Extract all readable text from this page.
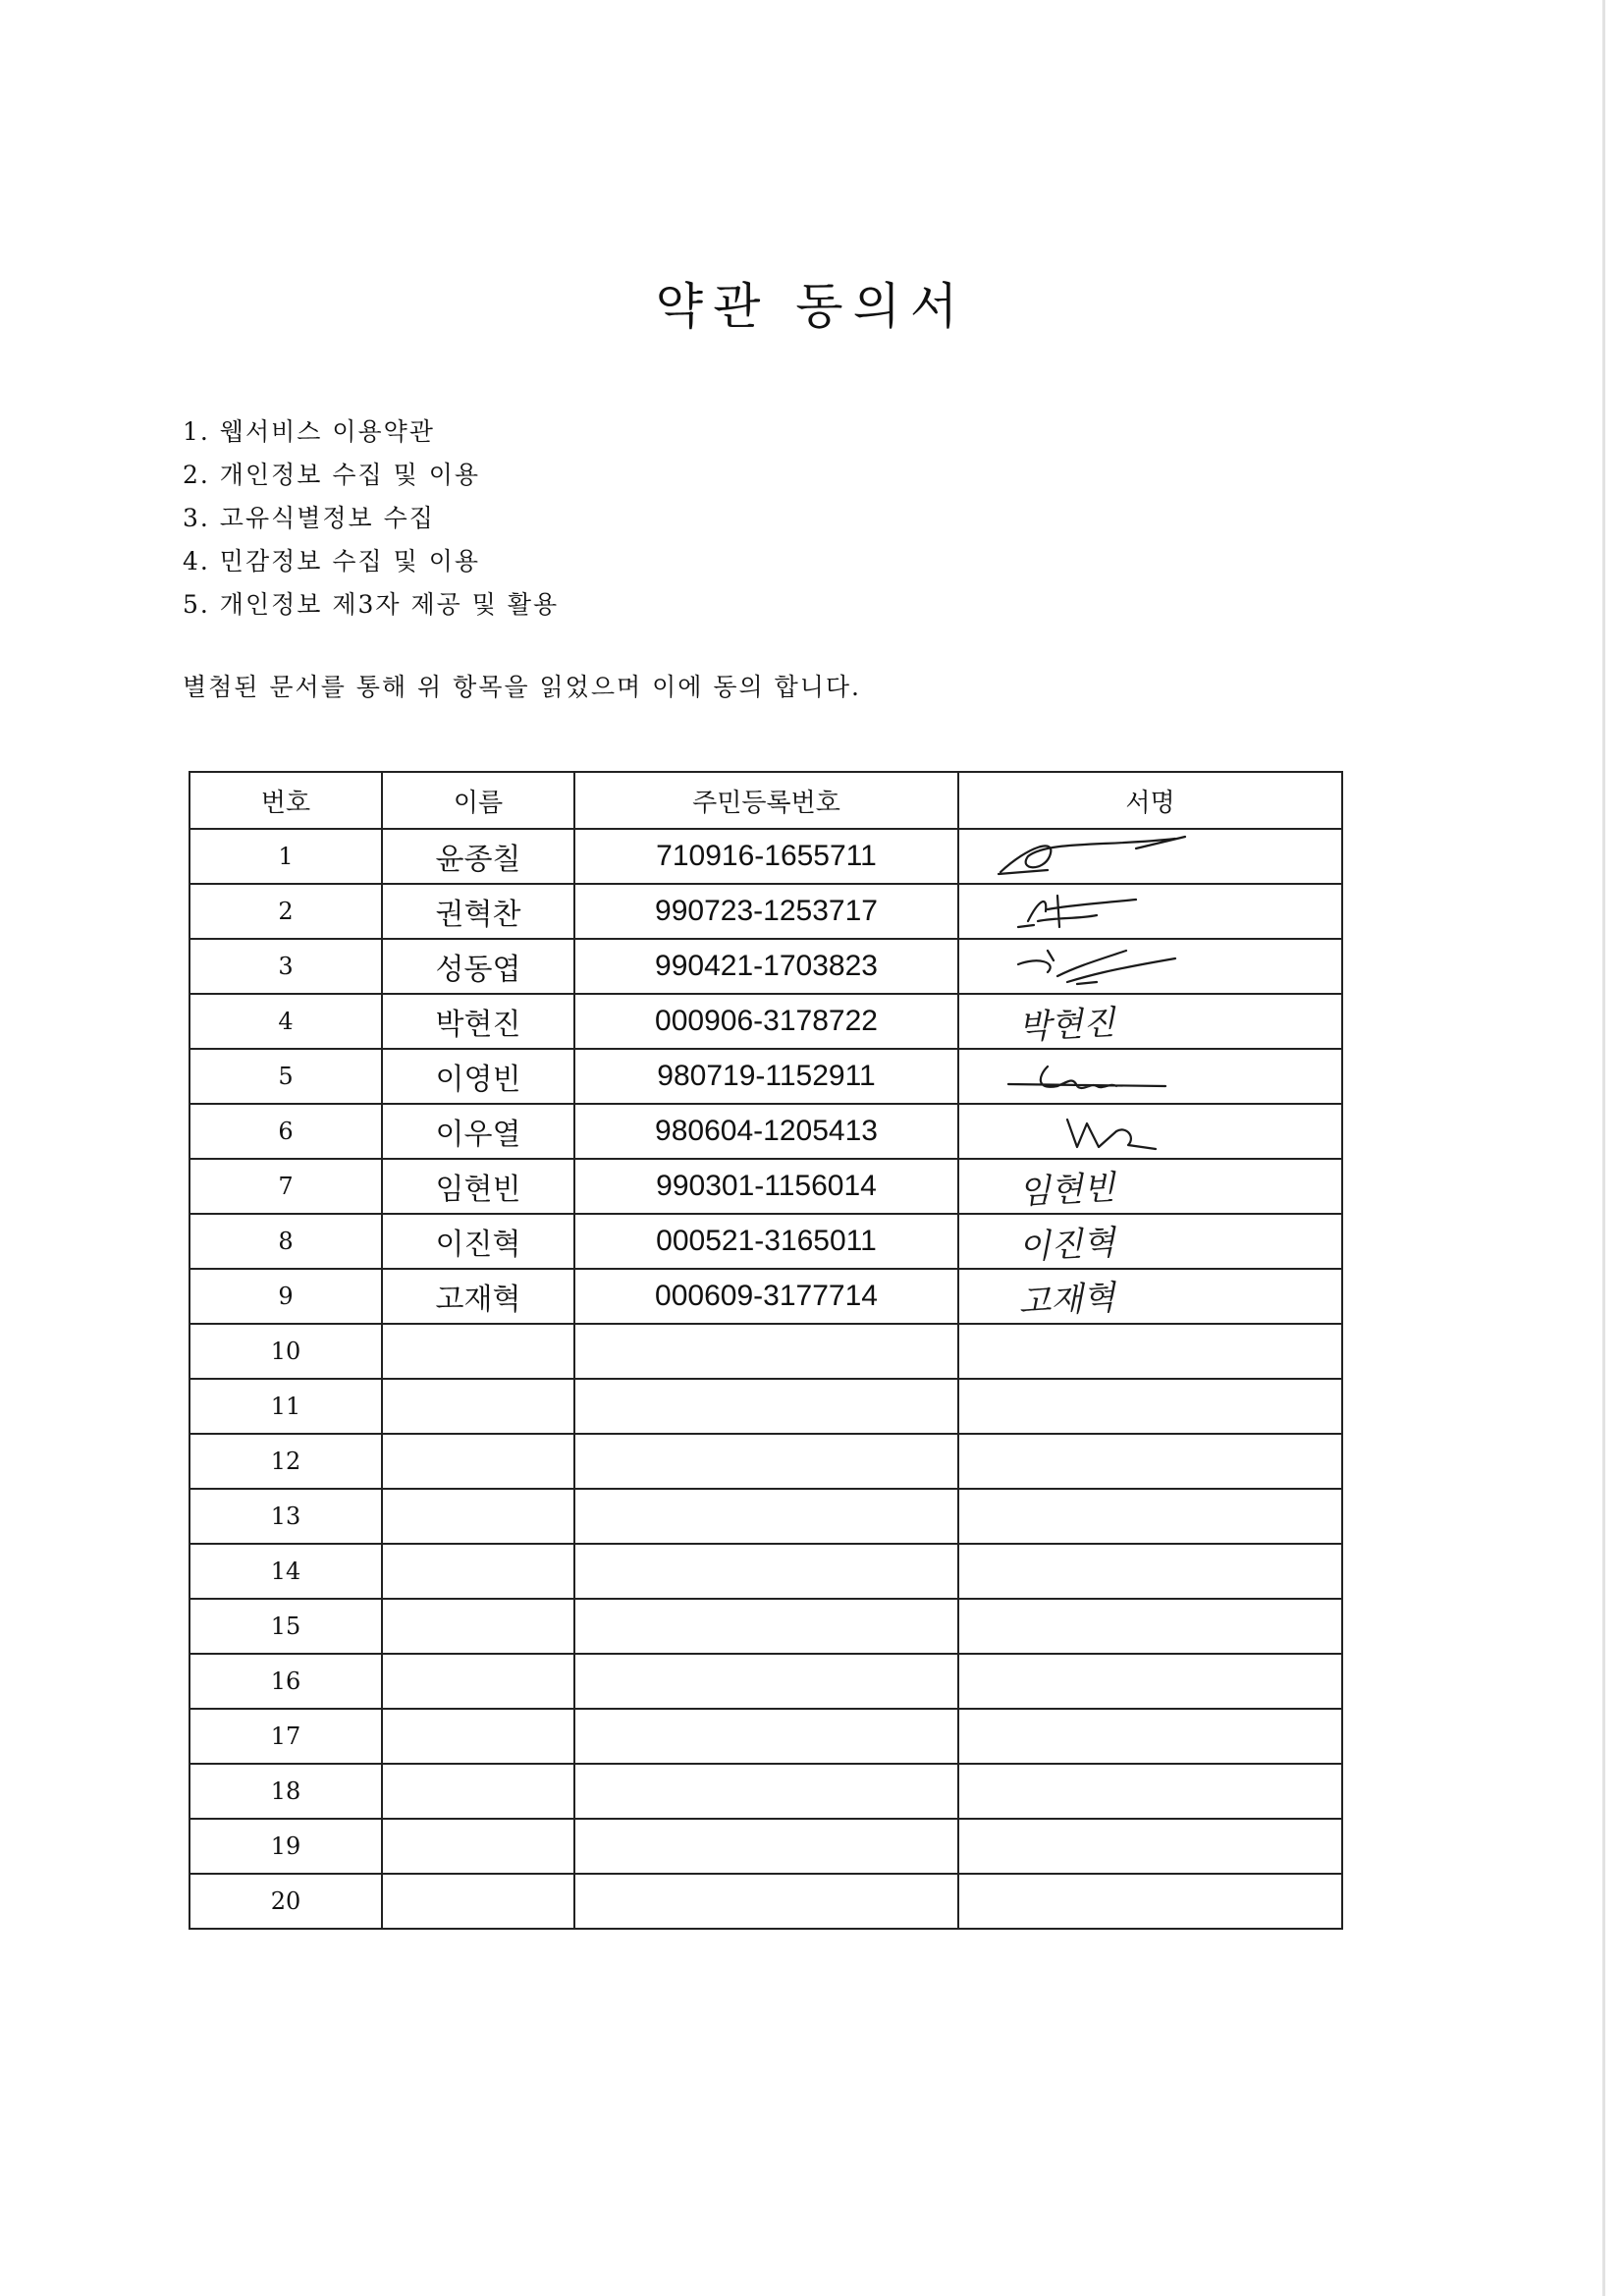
약관 동의서
1. 웹서비스 이용약관
2. 개인정보 수집 및 이용
3. 고유식별정보 수집
4. 민감정보 수집 및 이용
5. 개인정보 제3자 제공 및 활용
별첨된 문서를 통해 위 항목을 읽었으며 이에 동의 합니다.
번호	이름	주민등록번호	서명
1	윤종칠	710916-1655711	

2	권혁찬	990723-1253717	

3	성동엽	990421-1703823	

4	박현진	000906-3178722	박현진

5	이영빈	980719-1152911	

6	이우열	980604-1205413	

7	임현빈	990301-1156014	임현빈

8	이진혁	000521-3165011	이진혁

9	고재혁	000609-3177714	고재혁

10			
11			
12			
13			
14			
15			
16			
17			
18			
19			
20			
